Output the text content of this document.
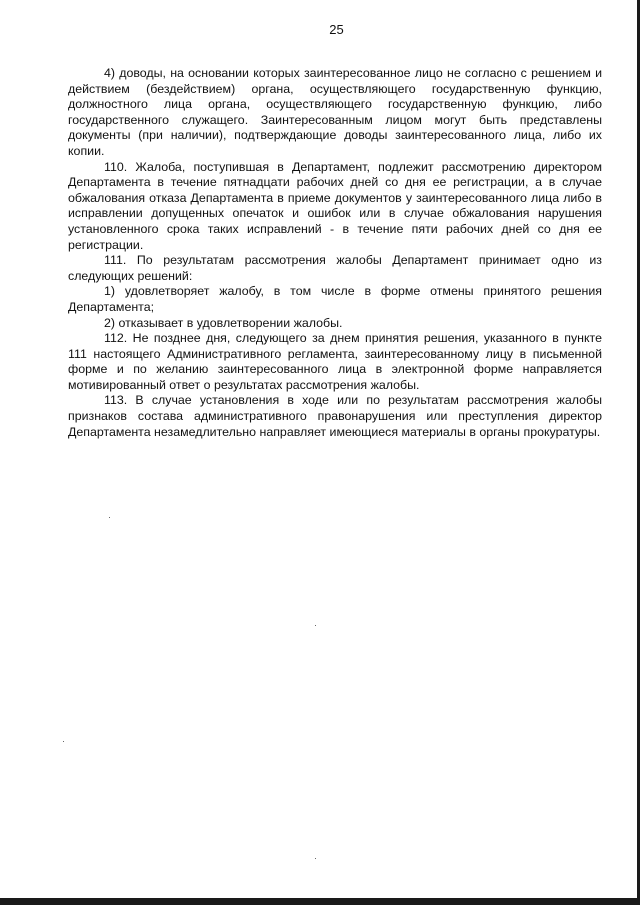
25

4) доводы, на основании которых заинтересованное лицо не согласно с решением и действием (бездействием) органа, осуществляющего государственную функцию, должностного лица органа, осуществляющего государственную функцию, либо государственного служащего. Заинтересованным лицом могут быть представлены документы (при наличии), подтверждающие доводы заинтересованного лица, либо их копии.

110. Жалоба, поступившая в Департамент, подлежит рассмотрению директором Департамента в течение пятнадцати рабочих дней со дня ее регистрации, а в случае обжалования отказа Департамента в приеме документов у заинтересованного лица либо в исправлении допущенных опечаток и ошибок или в случае обжалования нарушения установленного срока таких исправлений - в течение пяти рабочих дней со дня ее регистрации.

111. По результатам рассмотрения жалобы Департамент принимает одно из следующих решений:

1) удовлетворяет жалобу, в том числе в форме отмены принятого решения Департамента;

2) отказывает в удовлетворении жалобы.

112. Не позднее дня, следующего за днем принятия решения, указанного в пункте 111 настоящего Административного регламента, заинтересованному лицу в письменной форме и по желанию заинтересованного лица в электронной форме направляется мотивированный ответ о результатах рассмотрения жалобы.

113. В случае установления в ходе или по результатам рассмотрения жалобы признаков состава административного правонарушения или преступления директор Департамента незамедлительно направляет имеющиеся материалы в органы прокуратуры.
